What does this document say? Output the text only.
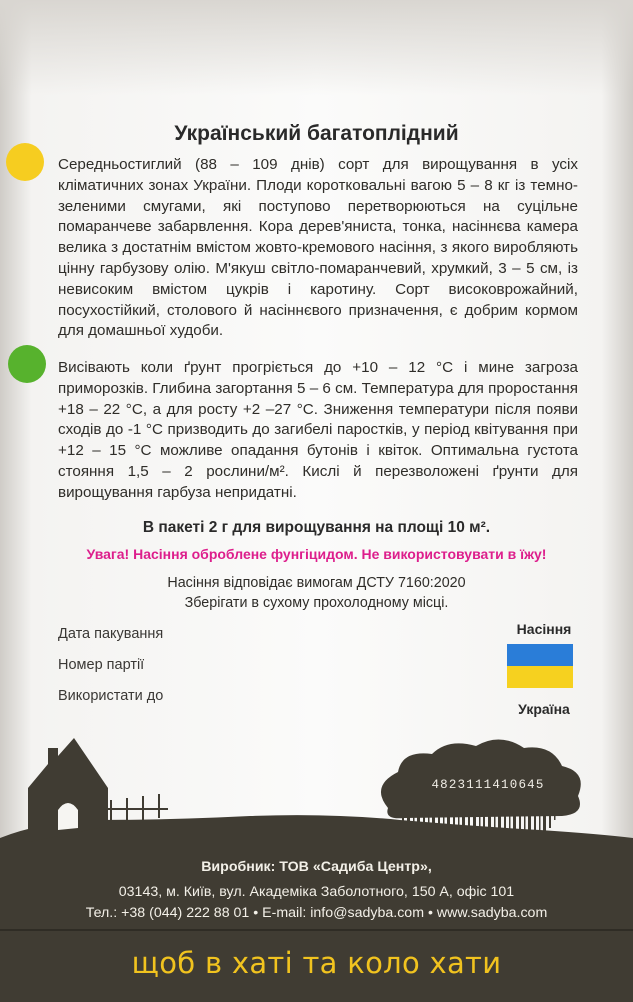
Український багатоплідний

Середньостиглий (88 – 109 днів) сорт для вирощування в усіх кліматичних зонах України. Плоди коротковальні вагою 5 – 8 кг із темно-зеленими смугами, які поступово перетворюються на суцільне помаранчеве забарвлення. Кора дерев'яниста, тонка, насіннєва камера велика з достатнім вмістом жовто-кремового насіння, з якого виробляють цінну гарбузову олію. М'якуш світло-помаранчевий, хрумкий, 3 – 5 см, із невисоким вмістом цукрів і каротину. Сорт високоврожайний, посухостійкий, столового й насіннєвого призначення, є добрим кормом для домашньої худоби.

Висівають коли ґрунт прогріється до +10 – 12 °С і мине загроза приморозків. Глибина загортання 5 – 6 см. Температура для проростання +18 – 22 °С, а для росту +2 –27 °С. Зниження температури після появи сходів до -1 °С призводить до загибелі паростків, у період квітування при +12 – 15 °С можливе опадання бутонів і квіток. Оптимальна густота стояння 1,5 – 2 рослини/м². Кислі й перезволожені ґрунти для вирощування гарбуза непридатні.

В пакеті 2 г для вирощування на площі 10 м².
Увага! Насіння оброблене фунгіцидом. Не використовувати в їжу!
Насіння відповідає вимогам ДСТУ 7160:2020
Зберігати в сухому прохолодному місці.
Дата пакування
Номер партії
Використати до
Насіння
Україна
4823111410645
Виробник: ТОВ «Садиба Центр»,
03143, м. Київ, вул. Академіка Заболотного, 150 А, офіс 101
Тел.: +38 (044) 222 88 01 • E-mail: info@sadyba.com • www.sadyba.com
щоб в хаті та коло хати
